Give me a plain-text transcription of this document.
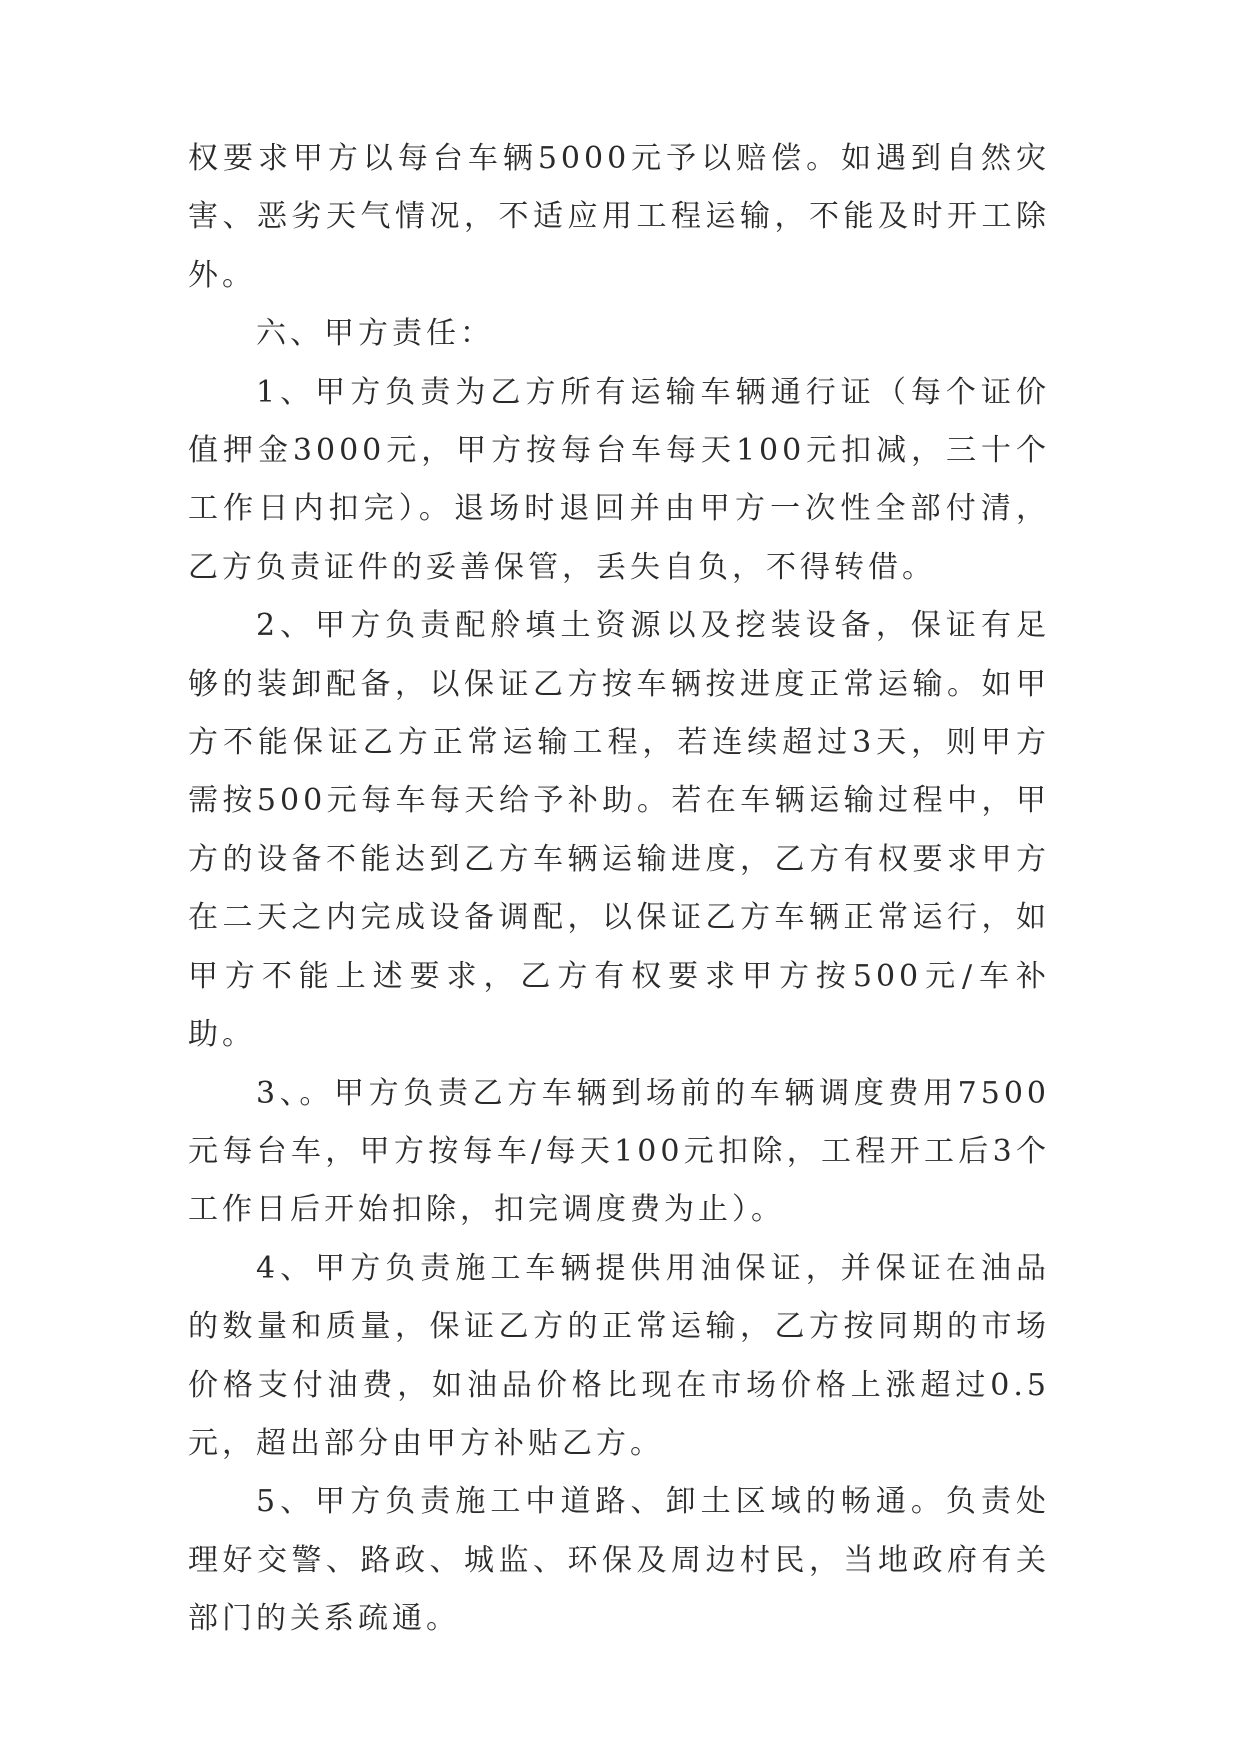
权要求甲方以每台车辆5000元予以赔偿。如遇到自然灾害、恶劣天气情况，不适应用工程运输，不能及时开工除外。

六、甲方责任：

1、甲方负责为乙方所有运输车辆通行证（每个证价值押金3000元，甲方按每台车每天100元扣减，三十个工作日内扣完）。退场时退回并由甲方一次性全部付清，乙方负责证件的妥善保管，丢失自负，不得转借。

2、甲方负责配舲填土资源以及挖装设备，保证有足够的装卸配备，以保证乙方按车辆按进度正常运输。如甲方不能保证乙方正常运输工程，若连续超过3天，则甲方需按500元每车每天给予补助。若在车辆运输过程中，甲方的设备不能达到乙方车辆运输进度，乙方有权要求甲方在二天之内完成设备调配，以保证乙方车辆正常运行，如甲方不能上述要求，乙方有权要求甲方按500元/车补助。

3、。甲方负责乙方车辆到场前的车辆调度费用7500元每台车，甲方按每车/每天100元扣除，工程开工后3个工作日后开始扣除，扣完调度费为止）。

4、甲方负责施工车辆提供用油保证，并保证在油品的数量和质量，保证乙方的正常运输，乙方按同期的市场价格支付油费，如油品价格比现在市场价格上涨超过0.5元，超出部分由甲方补贴乙方。

5、甲方负责施工中道路、卸土区域的畅通。负责处理好交警、路政、城监、环保及周边村民，当地政府有关部门的关系疏通。
